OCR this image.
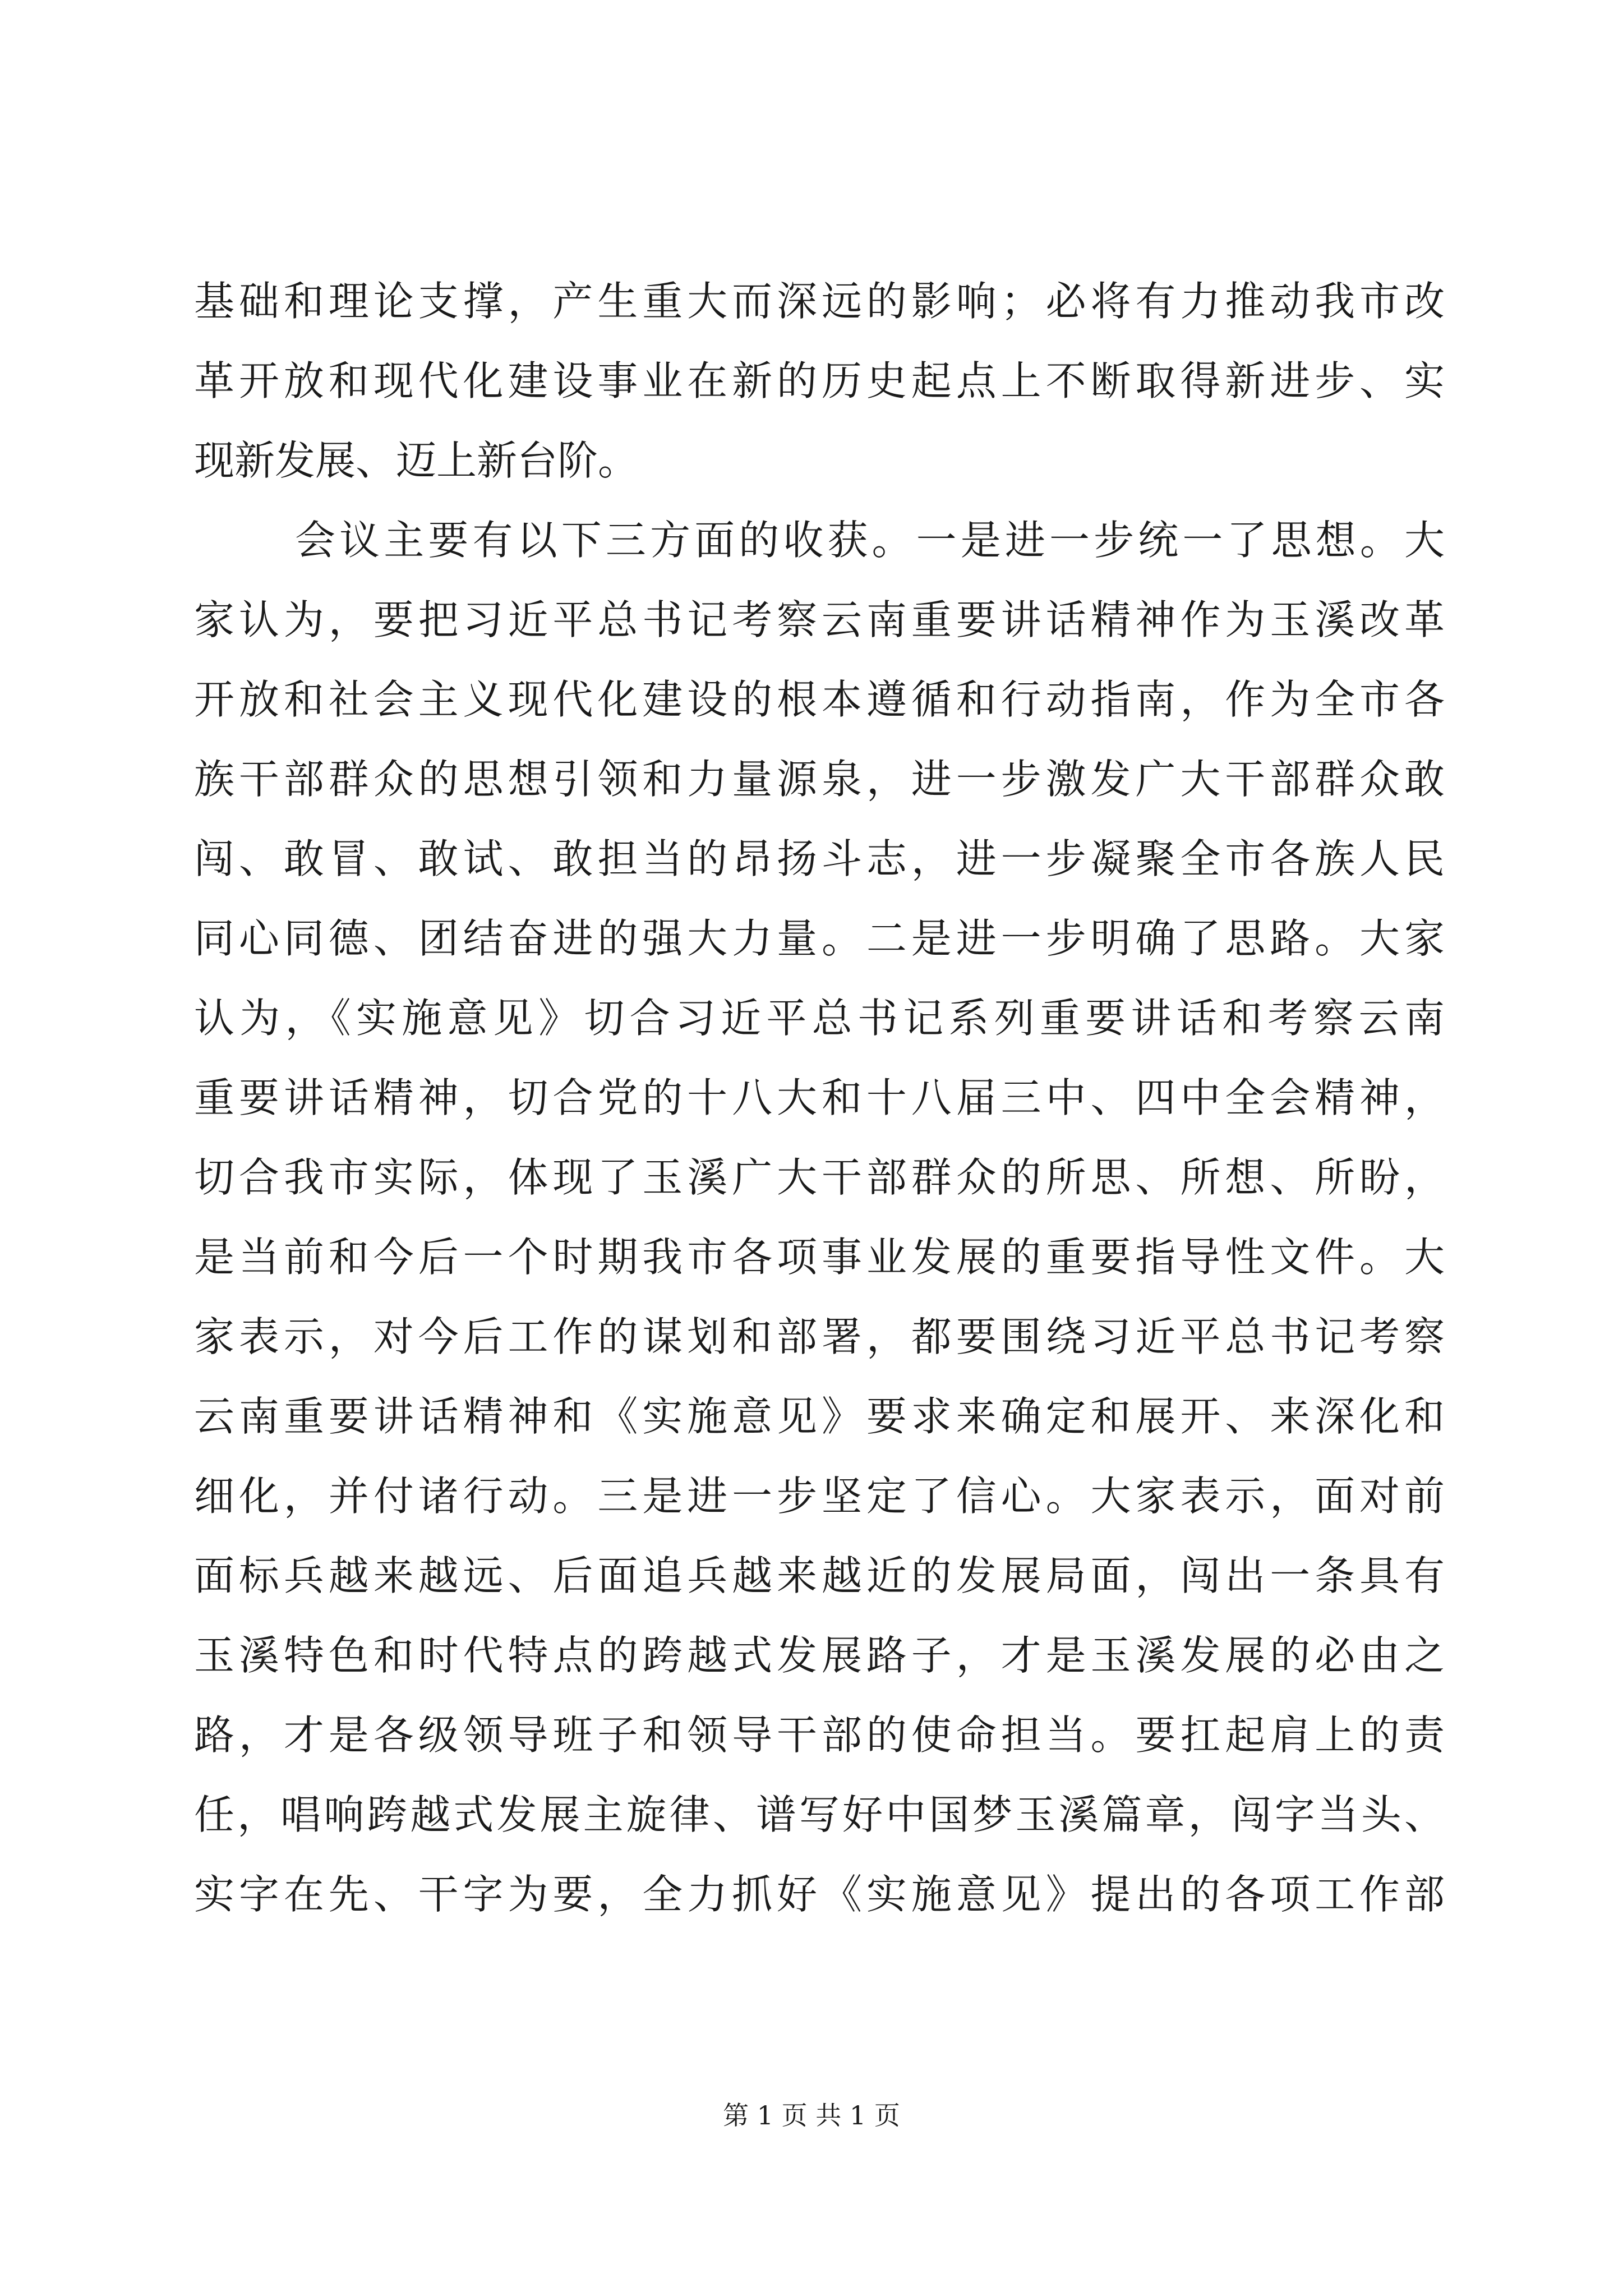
基础和理论支撑，产生重大而深远的影响；必将有力推动我市改
革开放和现代化建设事业在新的历史起点上不断取得新进步、实
现新发展、迈上新台阶。
会议主要有以下三方面的收获。一是进一步统一了思想。大
家认为，要把习近平总书记考察云南重要讲话精神作为玉溪改革
开放和社会主义现代化建设的根本遵循和行动指南，作为全市各
族干部群众的思想引领和力量源泉，进一步激发广大干部群众敢
闯、敢冒、敢试、敢担当的昂扬斗志，进一步凝聚全市各族人民
同心同德、团结奋进的强大力量。二是进一步明确了思路。大家
认为，《实施意见》切合习近平总书记系列重要讲话和考察云南
重要讲话精神，切合党的十八大和十八届三中、四中全会精神，
切合我市实际，体现了玉溪广大干部群众的所思、所想、所盼，
是当前和今后一个时期我市各项事业发展的重要指导性文件。大
家表示，对今后工作的谋划和部署，都要围绕习近平总书记考察
云南重要讲话精神和《实施意见》要求来确定和展开、来深化和
细化，并付诸行动。三是进一步坚定了信心。大家表示，面对前
面标兵越来越远、后面追兵越来越近的发展局面，闯出一条具有
玉溪特色和时代特点的跨越式发展路子，才是玉溪发展的必由之
路，才是各级领导班子和领导干部的使命担当。要扛起肩上的责
任，唱响跨越式发展主旋律、谱写好中国梦玉溪篇章，闯字当头、
实字在先、干字为要，全力抓好《实施意见》提出的各项工作部
第 1 页 共 1 页
